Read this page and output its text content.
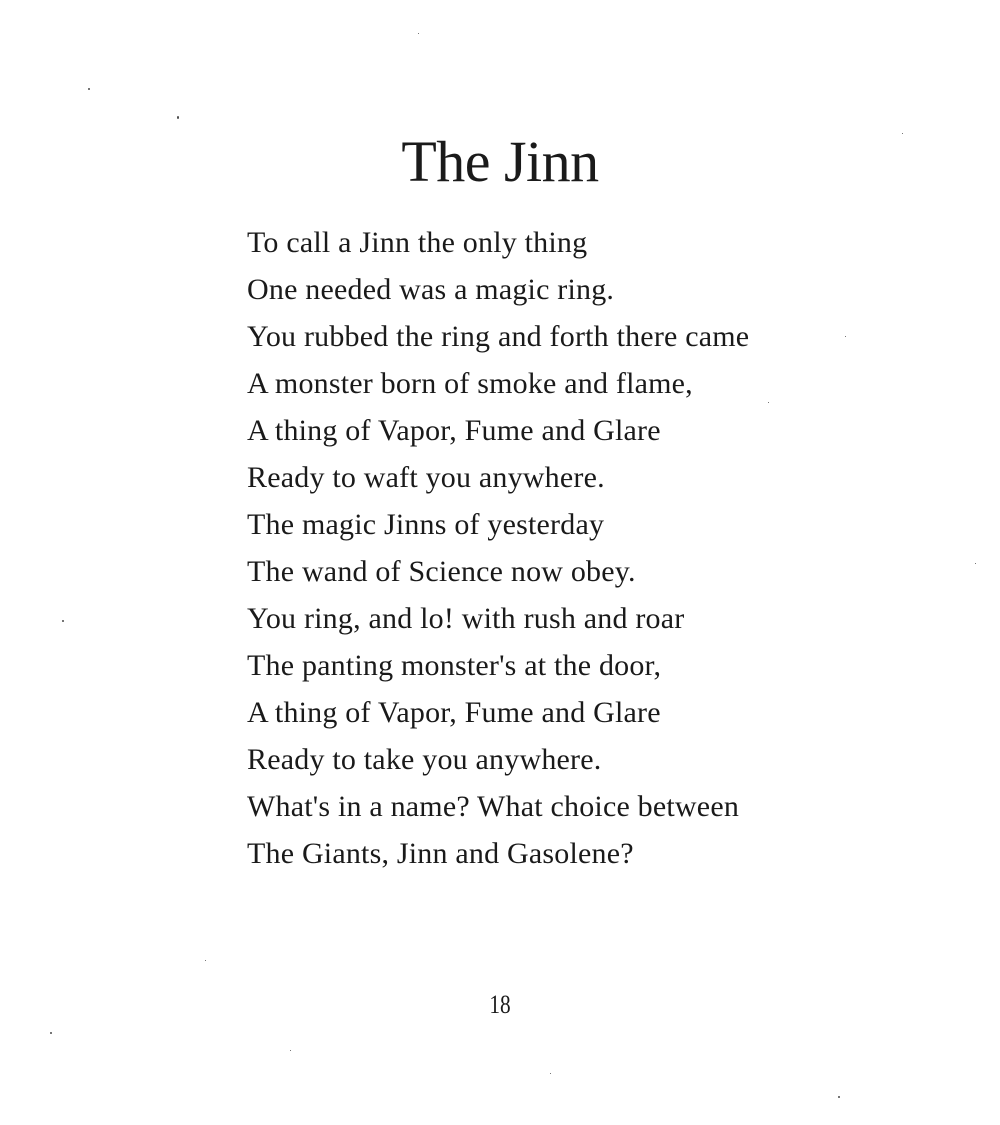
The Jinn
To call a Jinn the only thing
One needed was a magic ring.
You rubbed the ring and forth there came
A monster born of smoke and flame,
A thing of Vapor, Fume and Glare
Ready to waft you anywhere.
The magic Jinns of yesterday
The wand of Science now obey.
You ring, and lo! with rush and roar
The panting monster's at the door,
A thing of Vapor, Fume and Glare
Ready to take you anywhere.
What's in a name? What choice between
The Giants, Jinn and Gasolene?
18
